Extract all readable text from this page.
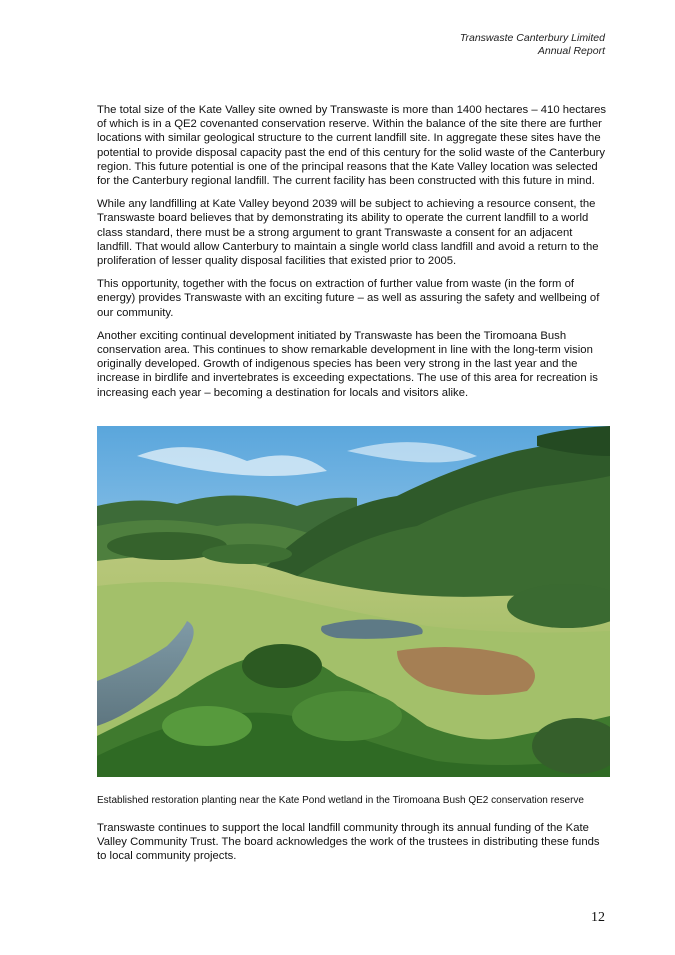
Transwaste Canterbury Limited
Annual Report

The total size of the Kate Valley site owned by Transwaste is more than 1400 hectares – 410 hectares of which is in a QE2 covenanted conservation reserve. Within the balance of the site there are further locations with similar geological structure to the current landfill site. In aggregate these sites have the potential to provide disposal capacity past the end of this century for the solid waste of the Canterbury region. This future potential is one of the principal reasons that the Kate Valley location was selected for the Canterbury regional landfill. The current facility has been constructed with this future in mind.

While any landfilling at Kate Valley beyond 2039 will be subject to achieving a resource consent, the Transwaste board believes that by demonstrating its ability to operate the current landfill to a world class standard, there must be a strong argument to grant Transwaste a consent for an adjacent landfill. That would allow Canterbury to maintain a single world class landfill and avoid a return to the proliferation of lesser quality disposal facilities that existed prior to 2005.

This opportunity, together with the focus on extraction of further value from waste (in the form of energy) provides Transwaste with an exciting future – as well as assuring the safety and wellbeing of our community.

Another exciting continual development initiated by Transwaste has been the Tiromoana Bush conservation area. This continues to show remarkable development in line with the long-term vision originally developed. Growth of indigenous species has been very strong in the last year and the increase in birdlife and invertebrates is exceeding expectations. The use of this area for recreation is increasing each year – becoming a destination for locals and visitors alike.

Established restoration planting near the Kate Pond wetland in the Tiromoana Bush QE2 conservation reserve

Transwaste continues to support the local landfill community through its annual funding of the Kate Valley Community Trust. The board acknowledges the work of the trustees in distributing these funds to local community projects.

12
